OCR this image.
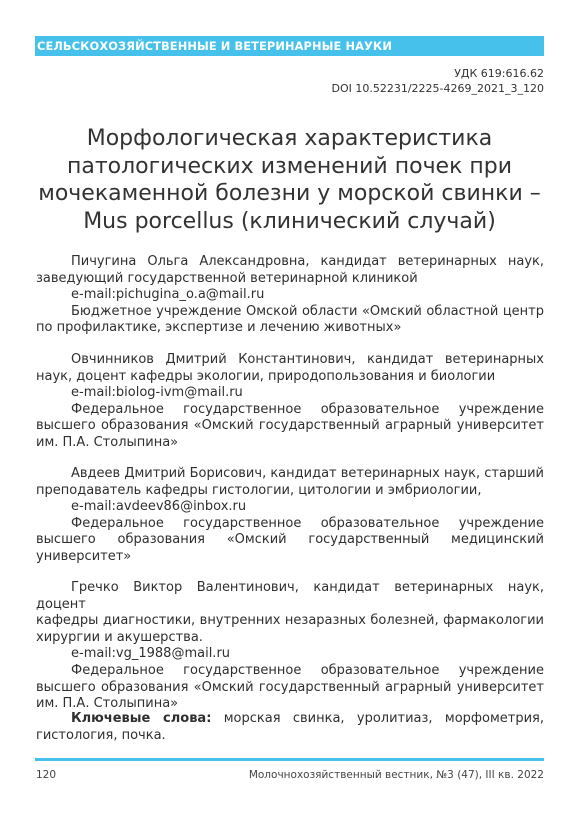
СЕЛЬСКОХОЗЯЙСТВЕННЫЕ И ВЕТЕРИНАРНЫЕ НАУКИ
УДК 619:616.62
DOI 10.52231/2225-4269_2021_3_120
Морфологическая характеристика патологических изменений почек при мочекаменной болезни у морской свинки – Mus porcellus (клинический случай)

Пичугина Ольга Александровна, кандидат ветеринарных наук,

заведующий государственной ветеринарной клиникой

e-mail:pichugina_o.a@mail.ru

Бюджетное учреждение Омской области «Омский областной центр

по профилактике, экспертизе и лечению животных»

Овчинников Дмитрий Константинович, кандидат ветеринарных

наук, доцент кафедры экологии, природопользования и биологии

e-mail:biolog-ivm@mail.ru

Федеральное государственное образовательное учреждение

высшего образования «Омский государственный аграрный университет

им. П.А. Столыпина»

Авдеев Дмитрий Борисович, кандидат ветеринарных наук, старший

преподаватель кафедры гистологии, цитологии и эмбриологии,

e-mail:avdeev86@inbox.ru

Федеральное государственное образовательное учреждение

высшего образования «Омский государственный медицинский

университет»

Гречко Виктор Валентинович, кандидат ветеринарных наук, доцент

кафедры диагностики, внутренних незаразных болезней, фармакологии

хирургии и акушерства.

e-mail:vg_1988@mail.ru

Федеральное государственное образовательное учреждение

высшего образования «Омский государственный аграрный университет

им. П.А. Столыпина»

Ключевые слова: морская свинка, уролитиаз, морфометрия,

гистология, почка.

120	Молочнохозяйственный вестник, №3 (47), III кв. 2022
